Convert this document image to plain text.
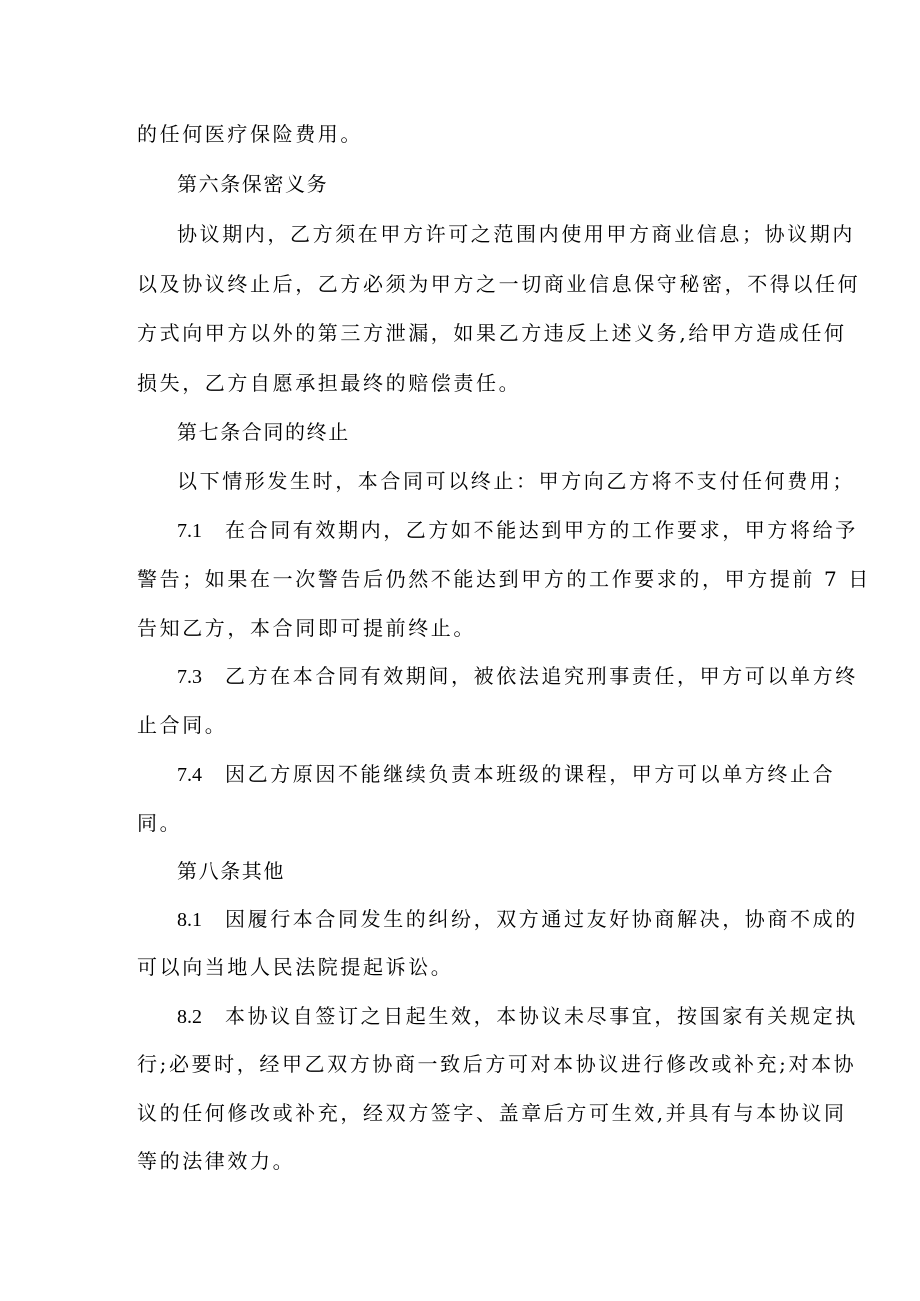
的任何医疗保险费用。

第六条保密义务

协议期内，乙方须在甲方许可之范围内使用甲方商业信息；协议期内

以及协议终止后，乙方必须为甲方之一切商业信息保守秘密，不得以任何

方式向甲方以外的第三方泄漏，如果乙方违反上述义务,给甲方造成任何

损失，乙方自愿承担最终的赔偿责任。

第七条合同的终止

以下情形发生时，本合同可以终止：甲方向乙方将不支付任何费用；

7.1 在合同有效期内，乙方如不能达到甲方的工作要求，甲方将给予

警告；如果在一次警告后仍然不能达到甲方的工作要求的，甲方提前 7 日

告知乙方，本合同即可提前终止。

7.3 乙方在本合同有效期间，被依法追究刑事责任，甲方可以单方终

止合同。

7.4 因乙方原因不能继续负责本班级的课程，甲方可以单方终止合

同。

第八条其他

8.1 因履行本合同发生的纠纷，双方通过友好协商解决，协商不成的

可以向当地人民法院提起诉讼。

8.2 本协议自签订之日起生效，本协议未尽事宜，按国家有关规定执

行;必要时，经甲乙双方协商一致后方可对本协议进行修改或补充;对本协

议的任何修改或补充，经双方签字、盖章后方可生效,并具有与本协议同

等的法律效力。
